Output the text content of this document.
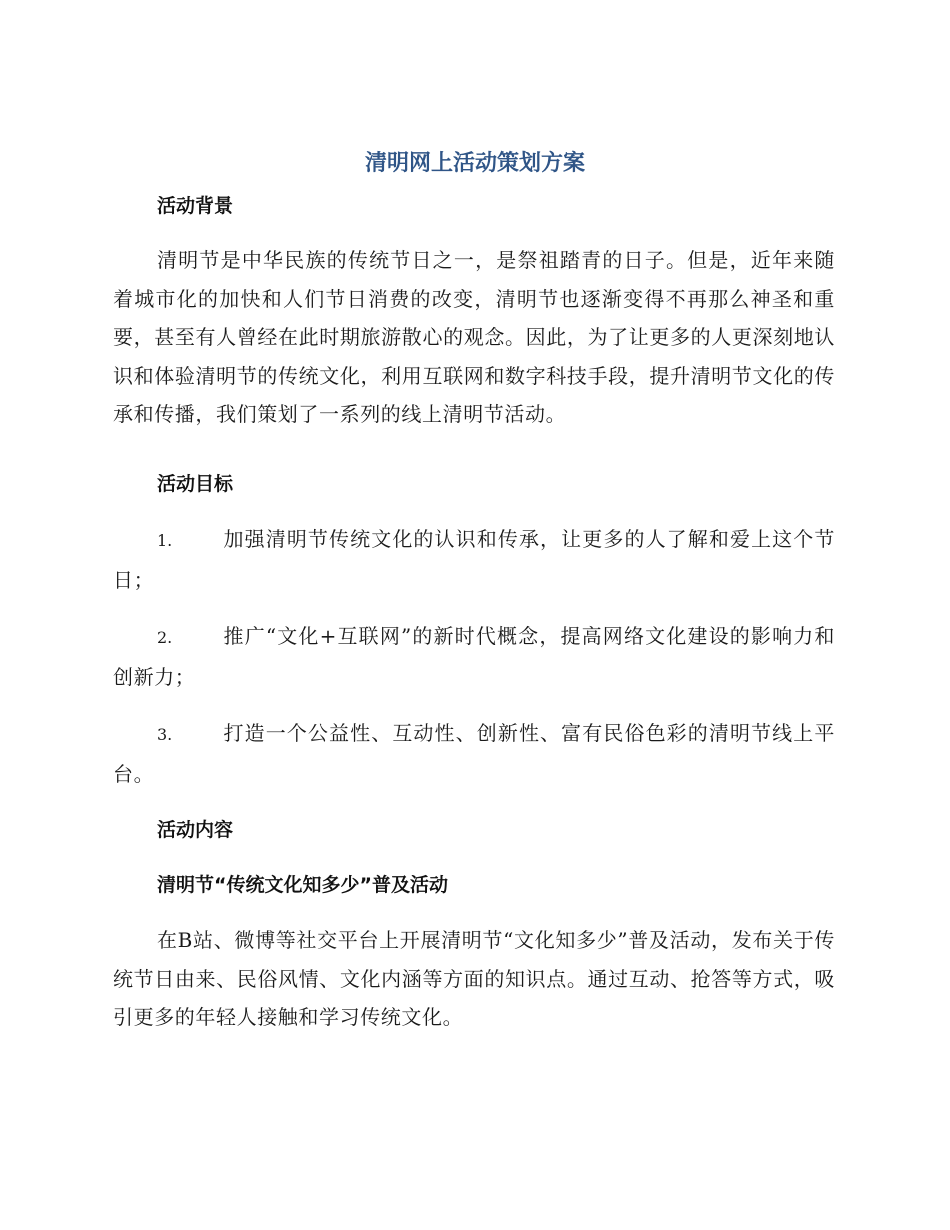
清明网上活动策划方案
活动背景
清明节是中华民族的传统节日之一，是祭祖踏青的日子。但是，近年来随着城市化的加快和人们节日消费的改变，清明节也逐渐变得不再那么神圣和重要，甚至有人曾经在此时期旅游散心的观念。因此，为了让更多的人更深刻地认识和体验清明节的传统文化，利用互联网和数字科技手段，提升清明节文化的传承和传播，我们策划了一系列的线上清明节活动。
活动目标
1.	加强清明节传统文化的认识和传承，让更多的人了解和爱上这个节日；
2.	推广“文化+互联网”的新时代概念，提高网络文化建设的影响力和创新力；
3.	打造一个公益性、互动性、创新性、富有民俗色彩的清明节线上平台。
活动内容
清明节“传统文化知多少”普及活动
在B站、微博等社交平台上开展清明节“文化知多少”普及活动，发布关于传统节日由来、民俗风情、文化内涵等方面的知识点。通过互动、抢答等方式，吸引更多的年轻人接触和学习传统文化。
